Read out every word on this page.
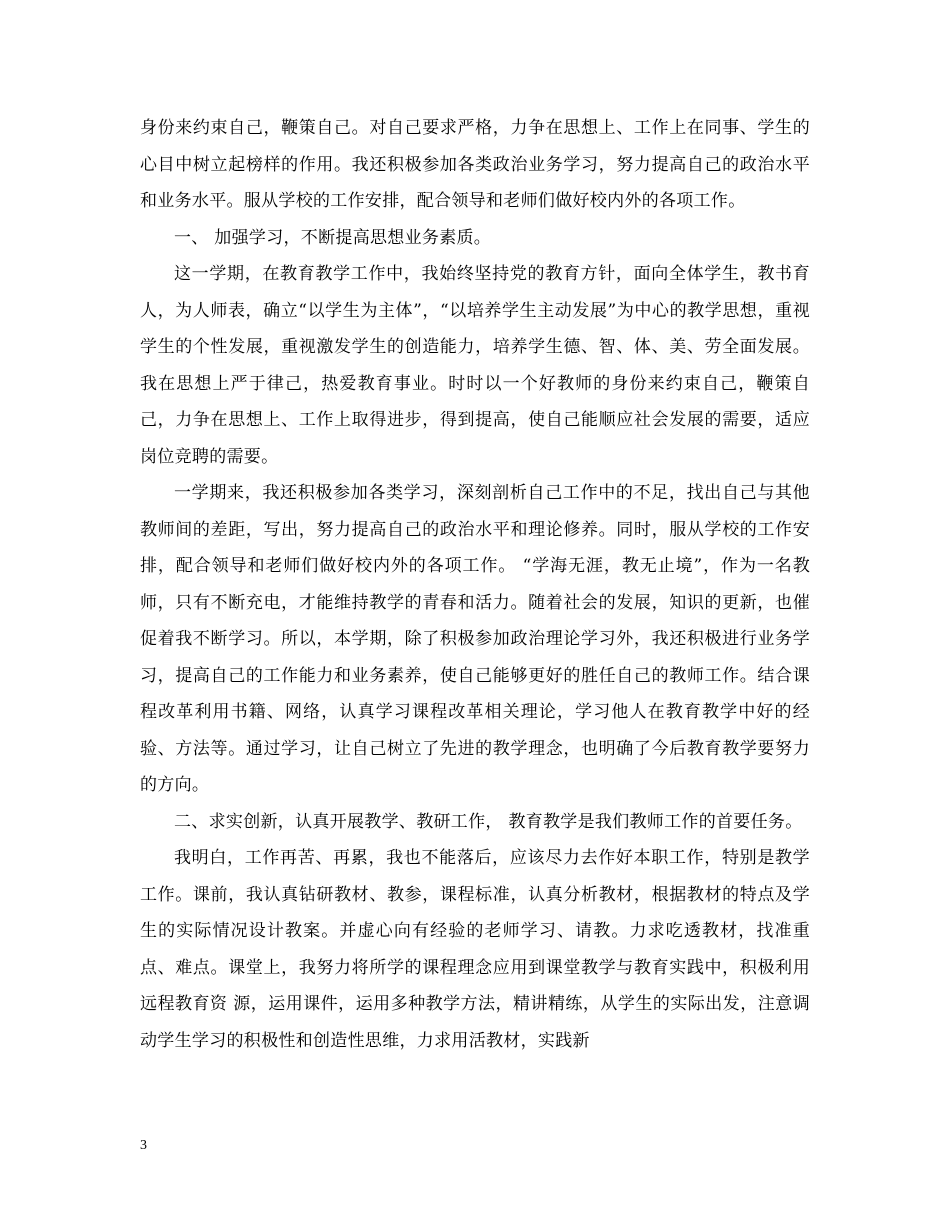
身份来约束自己，鞭策自己。对自己要求严格，力争在思想上、工作上在同事、学生的心目中树立起榜样的作用。我还积极参加各类政治业务学习，努力提高自己的政治水平和业务水平。服从学校的工作安排，配合领导和老师们做好校内外的各项工作。

一、 加强学习，不断提高思想业务素质。

这一学期，在教育教学工作中，我始终坚持党的教育方针，面向全体学生，教书育人，为人师表，确立“以学生为主体”，“以培养学生主动发展”为中心的教学思想，重视学生的个性发展，重视激发学生的创造能力，培养学生德、智、体、美、劳全面发展。我在思想上严于律己，热爱教育事业。时时以一个好教师的身份来约束自己，鞭策自己，力争在思想上、工作上取得进步，得到提高，使自己能顺应社会发展的需要，适应岗位竞聘的需要。

一学期来，我还积极参加各类学习，深刻剖析自己工作中的不足，找出自己与其他教师间的差距，写出，努力提高自己的政治水平和理论修养。同时，服从学校的工作安排，配合领导和老师们做好校内外的各项工作。 “学海无涯，教无止境”，作为一名教师，只有不断充电，才能维持教学的青春和活力。随着社会的发展，知识的更新，也催促着我不断学习。所以，本学期，除了积极参加政治理论学习外，我还积极进行业务学习，提高自己的工作能力和业务素养，使自己能够更好的胜任自己的教师工作。结合课程改革利用书籍、网络，认真学习课程改革相关理论，学习他人在教育教学中好的经验、方法等。通过学习，让自己树立了先进的教学理念，也明确了今后教育教学要努力的方向。

二、求实创新，认真开展教学、教研工作， 教育教学是我们教师工作的首要任务。

我明白，工作再苦、再累，我也不能落后，应该尽力去作好本职工作，特别是教学工作。课前，我认真钻研教材、教参，课程标准，认真分析教材，根据教材的特点及学生的实际情况设计教案。并虚心向有经验的老师学习、请教。力求吃透教材，找准重点、难点。课堂上，我努力将所学的课程理念应用到课堂教学与教育实践中，积极利用远程教育资 源，运用课件，运用多种教学方法，精讲精练，从学生的实际出发，注意调动学生学习的积极性和创造性思维，力求用活教材，实践新

3
